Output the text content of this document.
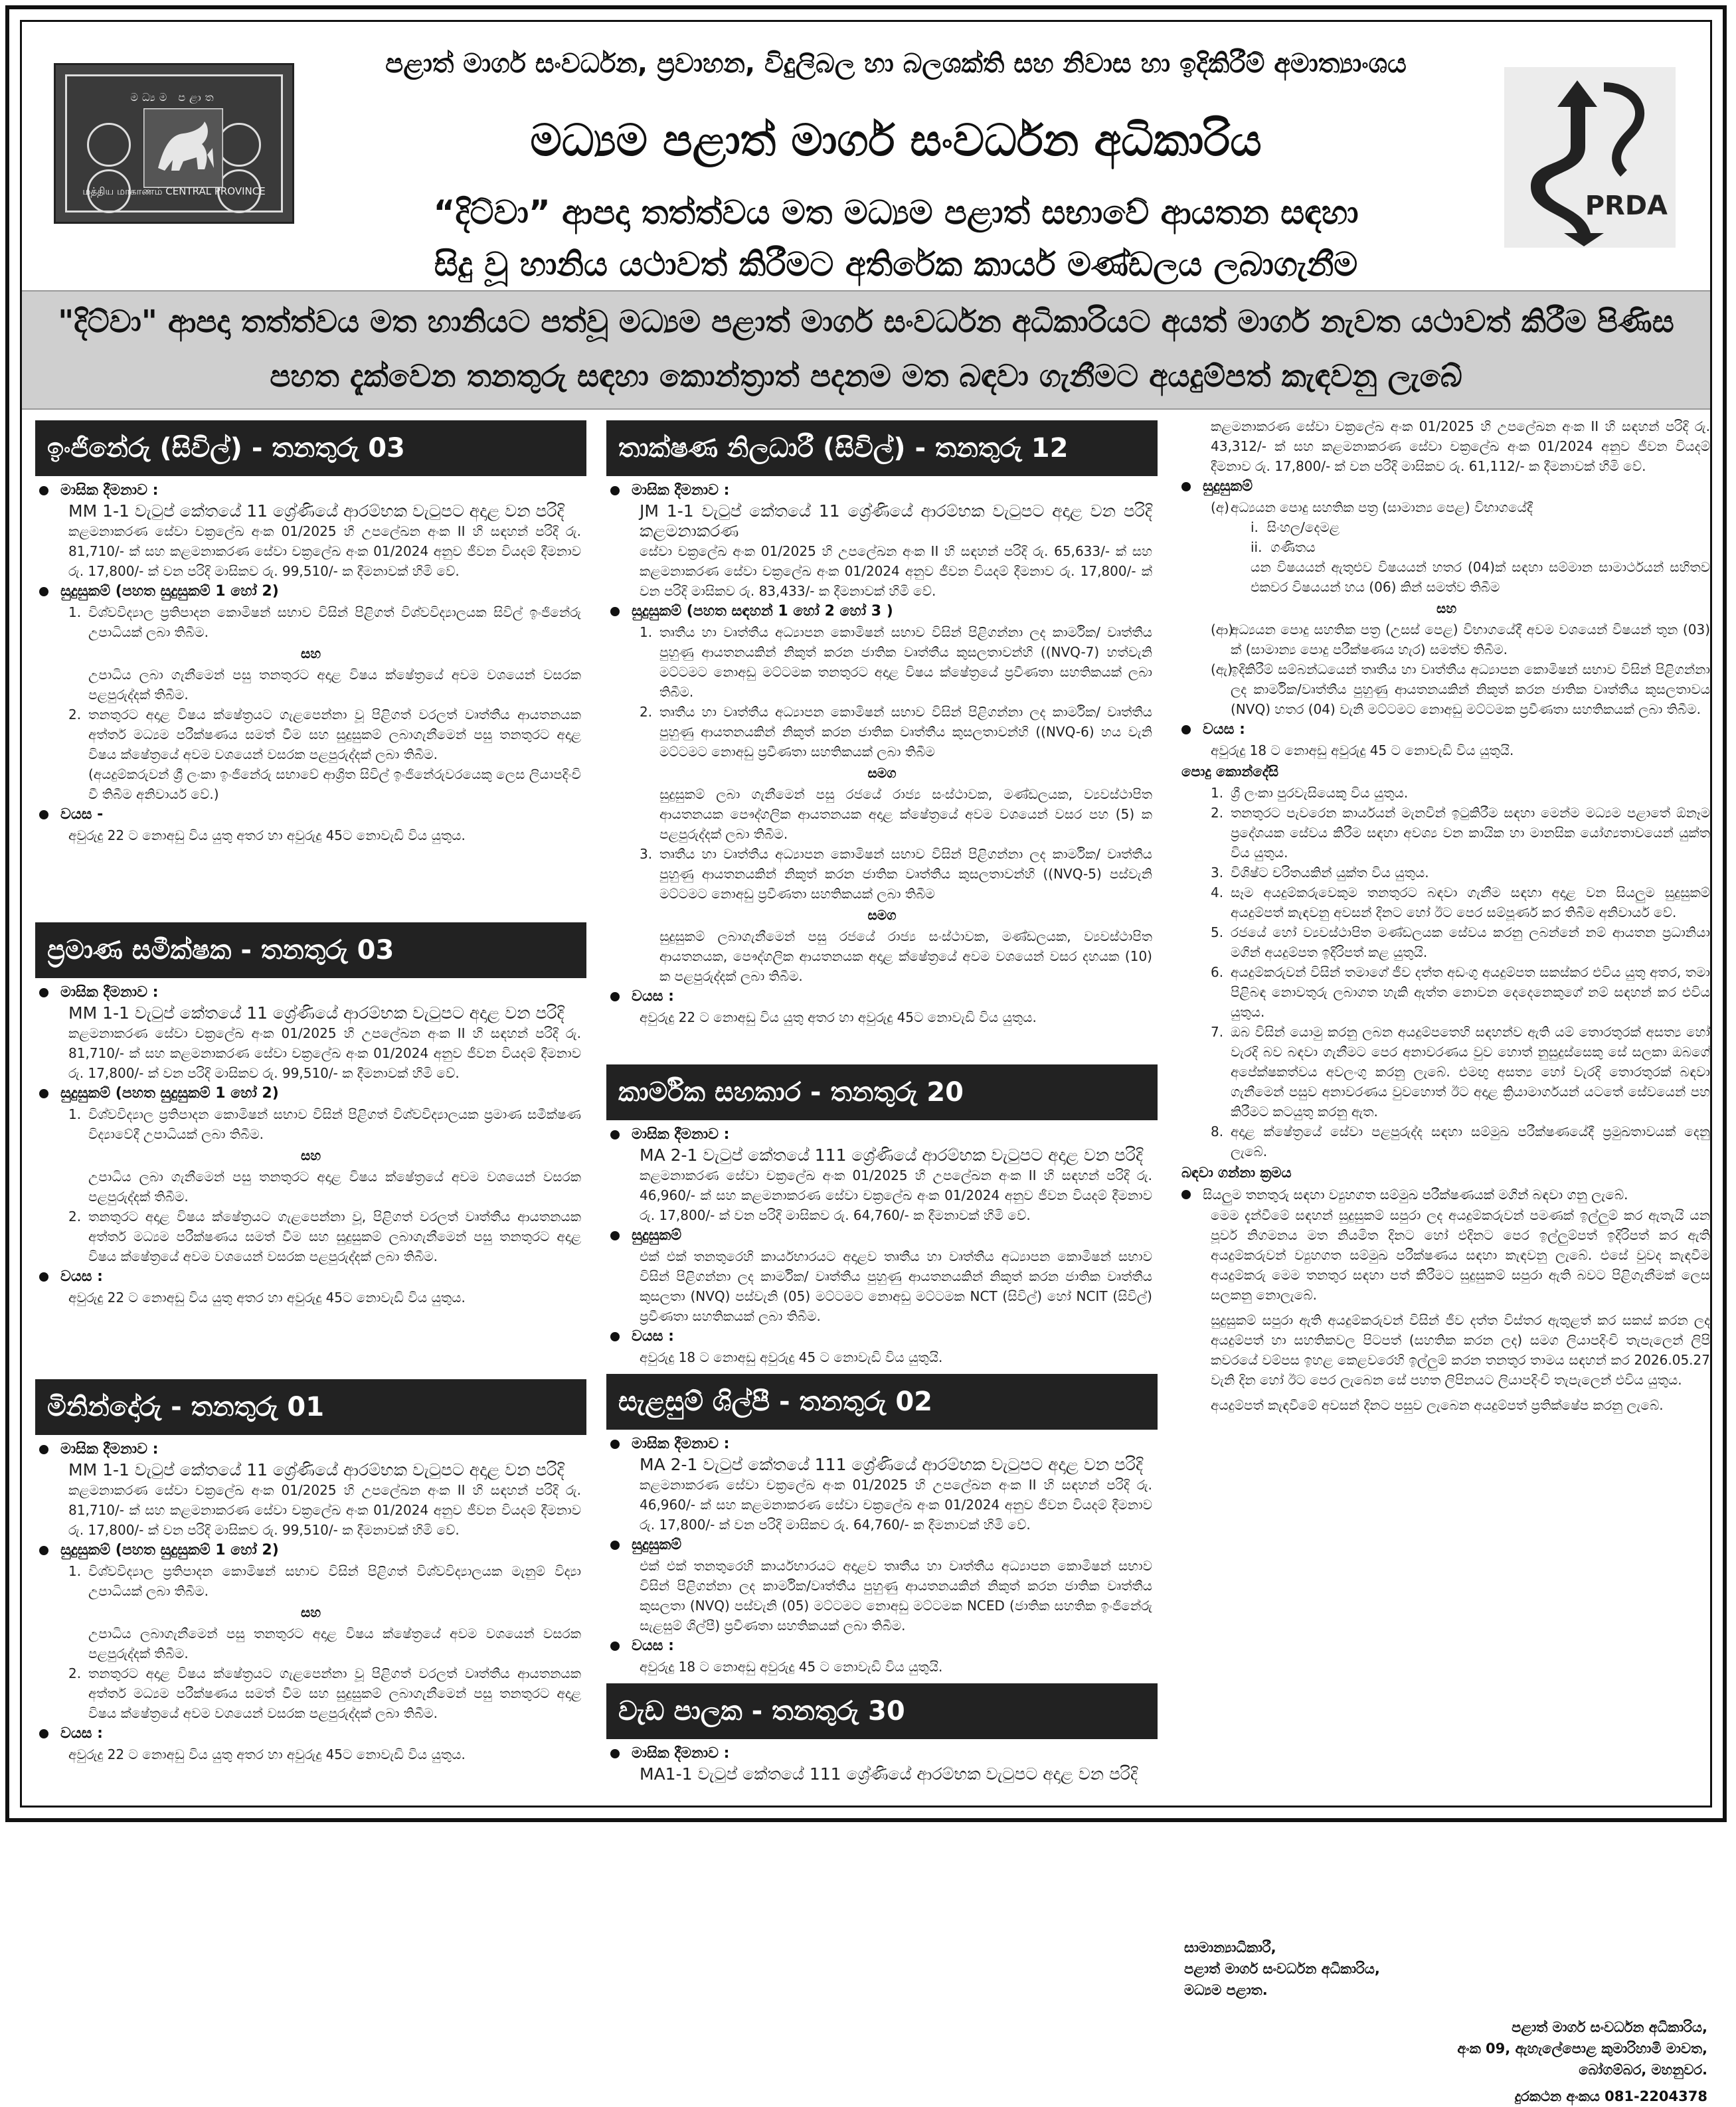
මධ්‍යම පළාත
மத்திய மாகாணம் CENTRAL PROVINCE
පළාත් මාර්ග සංවර්ධන, ප්‍රවාහන, විදුලිබල හා බලශක්ති සහ නිවාස හා ඉදිකිරීම් අමාත්‍යාංශය
මධ්‍යම පළාත් මාර්ග සංවර්ධන අධිකාරිය
“දිට්වා” ආපදා තත්ත්වය මත මධ්‍යම පළාත් සභාවේ ආයතන සඳහා
සිදු වූ හානිය යථාවත් කිරීමට අතිරේක කාර්ය මණ්ඩලය ලබාගැනීම
PRDA
"දිට්වා" ආපදා තත්ත්වය මත හානියට පත්වූ මධ්‍යම පළාත් මාර්ග සංවර්ධන අධිකාරියට අයත් මාර්ග නැවත යථාවත් කිරීම පිණිස
පහත දැක්වෙන තනතුරු සඳහා කොන්ත්‍රාත් පදනම මත බඳවා ගැනීමට අයදුම්පත් කැඳවනු ලැබේ
ඉංජිනේරු (සිවිල්) - තනතුරු 03
මාසික දීමනාව :
MM 1-1 වැටුප් කේතයේ 11 ශ්‍රේණියේ ආරම්භක වැටුපට අදාළ වන පරිදි
කළමනාකරණ සේවා චක්‍රලේඛ අංක 01/2025 හි උපලේඛන අංක II හි සඳහන් පරිදි රු. 81,710/- ක් සහ කළමනාකරණ සේවා චක්‍රලේඛ අංක 01/2024 අනුව ජීවන වියදම් දීමනාව රු. 17,800/- ක් වන පරිදි මාසිකව රු. 99,510/- ක දීමනාවක් හිමි වේ.
සුදුසුකම් (පහත සුදුසුකම් 1 හෝ 2)
1. විශ්වවිද්‍යාල ප්‍රතිපාදන කොමිෂන් සභාව විසින් පිළිගත් විශ්වවිද්‍යාලයක සිවිල් ඉංජිනේරු උපාධියක් ලබා තිබීම.
සහ
උපාධිය ලබා ගැනීමෙන් පසු තනතුරට අදාළ විෂය ක්ෂේත්‍රයේ අවම වශයෙන් වසරක පළපුරුද්දක් තිබීම.
2. තනතුරට අදාළ විෂය ක්ෂේත්‍රයට ගැළපෙන්නා වූ පිළිගත් වරලත් වෘත්තීය ආයතනයක අත්තර් මධ්‍යම පරීක්ෂණය සමත් වීම සහ සුදුසුකම් ලබාගැනීමෙන් පසු තනතුරට අදාළ විෂය ක්ෂේත්‍රයේ අවම වශයෙන් වසරක පළපුරුද්දක් ලබා තිබීම.
(අයදුම්කරුවන් ශ්‍රී ලංකා ඉංජිනේරු සභාවේ ආශ්‍රිත සිවිල් ඉංජිනේරුවරයෙකු ලෙස ලියාපදිංචි වී තිබීම අනිවාර්ය වේ.)
වයස -
අවුරුදු 22 ට නොඅඩු විය යුතු අතර හා අවුරුදු 45ට නොවැඩි විය යුතුය.
ප්‍රමාණ සමීක්ෂක - තනතුරු 03
මාසික දීමනාව :
MM 1-1 වැටුප් කේතයේ 11 ශ්‍රේණියේ ආරම්භක වැටුපට අදාළ වන පරිදි
කළමනාකරණ සේවා චක්‍රලේඛ අංක 01/2025 හි උපලේඛන අංක II හි සඳහන් පරිදි රු. 81,710/- ක් සහ කළමනාකරණ සේවා චක්‍රලේඛ අංක 01/2024 අනුව ජීවන වියදම් දීමනාව රු. 17,800/- ක් වන පරිදි මාසිකව රු. 99,510/- ක දීමනාවක් හිමි වේ.
සුදුසුකම් (පහත සුදුසුකම් 1 හෝ 2)
1. විශ්වවිද්‍යාල ප්‍රතිපාදන කොමිෂන් සභාව විසින් පිළිගත් විශ්වවිද්‍යාලයක ප්‍රමාණ සමීක්ෂණ විද්‍යාවේදී උපාධියක් ලබා තිබීම.
සහ
උපාධිය ලබා ගැනීමෙන් පසු තනතුරට අදාළ විෂය ක්ෂේත්‍රයේ අවම වශයෙන් වසරක පළපුරුද්දක් තිබීම.
2. තනතුරට අදාළ විෂය ක්ෂේත්‍රයට ගැළපෙන්නා වූ, පිළිගත් වරලත් වෘත්තීය ආයතනයක අත්තර් මධ්‍යම පරීක්ෂණය සමත් වීම සහ සුදුසුකම් ලබාගැනීමෙන් පසු තනතුරට අදාළ විෂය ක්ෂේත්‍රයේ අවම වශයෙන් වසරක පළපුරුද්දක් ලබා තිබීම.
වයස :
අවුරුදු 22 ට නොඅඩු විය යුතු අතර හා අවුරුදු 45ට නොවැඩි විය යුතුය.
මිනින්දෝරු - තනතුරු 01
මාසික දීමනාව :
MM 1-1 වැටුප් කේතයේ 11 ශ්‍රේණියේ ආරම්භක වැටුපට අදාළ වන පරිදි
කළමනාකරණ සේවා චක්‍රලේඛ අංක 01/2025 හි උපලේඛන අංක II හි සඳහන් පරිදි රු. 81,710/- ක් සහ කළමනාකරණ සේවා චක්‍රලේඛ අංක 01/2024 අනුව ජීවන වියදම් දීමනාව රු. 17,800/- ක් වන පරිදි මාසිකව රු. 99,510/- ක දීමනාවක් හිමි වේ.
සුදුසුකම් (පහත සුදුසුකම් 1 හෝ 2)
1. විශ්වවිද්‍යාල ප්‍රතිපාදන කොමිෂන් සභාව විසින් පිළිගත් විශ්වවිද්‍යාලයක මැනුම් විද්‍යා උපාධියක් ලබා තිබීම.
සහ
උපාධිය ලබාගැනීමෙන් පසු තනතුරට අදාළ විෂය ක්ෂේත්‍රයේ අවම වශයෙන් වසරක පළපුරුද්දක් තිබීම.
2. තනතුරට අදාළ විෂය ක්ෂේත්‍රයට ගැළපෙන්නා වූ පිළිගත් වරලත් වෘත්තීය ආයතනයක අත්තර් මධ්‍යම පරීක්ෂණය සමත් වීම සහ සුදුසුකම් ලබාගැනීමෙන් පසු තනතුරට අදාළ විෂය ක්ෂේත්‍රයේ අවම වශයෙන් වසරක පළපුරුද්දක් ලබා තිබීම.
වයස :
අවුරුදු 22 ට නොඅඩු විය යුතු අතර හා අවුරුදු 45ට නොවැඩි විය යුතුය.
තාක්ෂණ නිලධාරී (සිවිල්) - තනතුරු 12
මාසික දීමනාව :
JM 1-1 වැටුප් කේතයේ 11 ශ්‍රේණියේ ආරම්භක වැටුපට අදාළ වන පරිදි කළමනාකරණ
සේවා චක්‍රලේඛ අංක 01/2025 හි උපලේඛන අංක II හි සඳහන් පරිදි රු. 65,633/- ක් සහ කළමනාකරණ සේවා චක්‍රලේඛ අංක 01/2024 අනුව ජීවන වියදම් දීමනාව රු. 17,800/- ක් වන පරිදි මාසිකව රු. 83,433/- ක දීමනාවක් හිමි වේ.
සුදුසුකම් (පහත සඳහන් 1 හෝ 2 හෝ 3 )
1. තෘතීය හා වෘත්තීය අධ්‍යාපන කොමිෂන් සභාව විසින් පිළිගන්නා ලද කාර්මික/ වෘත්තීය පුහුණු ආයතනයකින් නිකුත් කරන ජාතික වෘත්තීය කුසලතාවන්හි ((NVQ-7) හත්වැනි මට්ටමට නොඅඩු මට්ටමක තනතුරට අදාළ විෂය ක්ෂේත්‍රයේ ප්‍රවීණතා සහතිකයක් ලබා තිබීම.
2. තෘතීය හා වෘත්තීය අධ්‍යාපන කොමිෂන් සභාව විසින් පිළිගන්නා ලද කාර්මික/ වෘත්තීය පුහුණු ආයතනයකින් නිකුත් කරන ජාතික වෘත්තීය කුසලතාවන්හි ((NVQ-6) හය වැනි මට්ටමට නොඅඩු ප්‍රවීණතා සහතිකයක් ලබා තිබීම
සමග
සුදුසුකම් ලබා ගැනීමෙන් පසු රජයේ රාජ්‍ය සංස්ථාවක, මණ්ඩලයක, ව්‍යවස්ථාපිත ආයතනයක පෞද්ගලික ආයතනයක අදාළ ක්ෂේත්‍රයේ අවම වශයෙන් වසර පහ (5) ක පළපුරුද්දක් ලබා තිබීම.
3. තෘතීය හා වෘත්තීය අධ්‍යාපන කොමිෂන් සභාව විසින් පිළිගන්නා ලද කාර්මික/ වෘත්තීය පුහුණු ආයතනයකින් නිකුත් කරන ජාතික වෘත්තීය කුසලතාවන්හි ((NVQ-5) පස්වැනි මට්ටමට නොඅඩු ප්‍රවීණතා සහතිකයක් ලබා තිබීම
සමග
සුදුසුකම් ලබාගැනීමෙන් පසු රජයේ රාජ්‍ය සංස්ථාවක, මණ්ඩලයක, ව්‍යවස්ථාපිත ආයතනයක, පෞද්ගලික ආයතනයක අදාළ ක්ෂේත්‍රයේ අවම වශයෙන් වසර දහයක (10) ක පළපුරුද්දක් ලබා තිබීම.
වයස :
අවුරුදු 22 ට නොඅඩු විය යුතු අතර හා අවුරුදු 45ට නොවැඩි විය යුතුය.
කාර්මික සහකාර - තනතුරු 20
මාසික දීමනාව :
MA 2-1 වැටුප් කේතයේ 111 ශ්‍රේණියේ ආරම්භක වැටුපට අදාළ වන පරිදි
කළමනාකරණ සේවා චක්‍රලේඛ අංක 01/2025 හි උපලේඛන අංක II හි සඳහන් පරිදි රු. 46,960/- ක් සහ කළමනාකරණ සේවා චක්‍රලේඛ අංක 01/2024 අනුව ජීවන වියදම් දීමනාව රු. 17,800/- ක් වන පරිදි මාසිකව රු. 64,760/- ක දීමනාවක් හිමි වේ.
සුදුසුකම්
එක් එක් තනතුරෙහි කාර්යභාරයට අදාළව තෘතීය හා වෘත්තීය අධ්‍යාපන කොමිෂන් සභාව විසින් පිළිගන්නා ලද කාර්මික/ වෘත්තීය පුහුණු ආයතනයකින් නිකුත් කරන ජාතික වෘත්තීය කුසලතා (NVQ) පස්වැනි (05) මට්ටමට නොඅඩු මට්ටමක NCT (සිවිල්) හෝ NCIT (සිවිල්) ප්‍රවීණතා සහතිකයක් ලබා තිබීම.
වයස :
අවුරුදු 18 ට නොඅඩු අවුරුදු 45 ට නොවැඩි විය යුතුයි.
සැළසුම් ශිල්පී - තනතුරු 02
මාසික දීමනාව :
MA 2-1 වැටුප් කේතයේ 111 ශ්‍රේණියේ ආරම්භක වැටුපට අදාළ වන පරිදි
කළමනාකරණ සේවා චක්‍රලේඛ අංක 01/2025 හි උපලේඛන අංක II හි සඳහන් පරිදි රු. 46,960/- ක් සහ කළමනාකරණ සේවා චක්‍රලේඛ අංක 01/2024 අනුව ජීවන වියදම් දීමනාව රු. 17,800/- ක් වන පරිදි මාසිකව රු. 64,760/- ක දීමනාවක් හිමි වේ.
සුදුසුකම්
එක් එක් තනතුරෙහි කාර්යභාරයට අදාළව තෘතීය හා වෘත්තීය අධ්‍යාපන කොමිෂන් සභාව විසින් පිළිගන්නා ලද කාර්මික/වෘත්තීය පුහුණු ආයතනයකින් නිකුත් කරන ජාතික වෘත්තීය කුසලතා (NVQ) පස්වැනි (05) මට්ටමට නොඅඩු මට්ටමක NCED (ජාතික සහතික ඉංජිනේරු සැළසුම් ශිල්පී) ප්‍රවීණතා සහතිකයක් ලබා තිබීම.
වයස :
අවුරුදු 18 ට නොඅඩු අවුරුදු 45 ට නොවැඩි විය යුතුයි.
වැඩ පාලක - තනතුරු 30
මාසික දීමනාව :
MA1-1 වැටුප් කේතයේ 111 ශ්‍රේණියේ ආරම්භක වැටුපට අදාළ වන පරිදි
කළමනාකරණ සේවා චක්‍රලේඛ අංක 01/2025 හි උපලේඛන අංක II හි සඳහන් පරිදි රු. 43,312/- ක් සහ කළමනාකරණ සේවා චක්‍රලේඛ අංක 01/2024 අනුව ජීවන වියදම් දීමනාව රු. 17,800/- ක් වන පරිදි මාසිකව රු. 61,112/- ක දීමනාවක් හිමි වේ.
සුදුසුකම්
(අ) අධ්‍යයන පොදු සහතික පත්‍ර (සාමාන්‍ය පෙළ) විභාගයේදී
i. සිංහල/දෙමළ
ii. ගණිතය
යන විෂයයන් ඇතුළුව විෂයයන් හතර (04)ක් සඳහා සම්මාන සාමාර්ථයන් සහිතව එකවර විෂයයන් හය (06) කින් සමත්ව තිබීම
සහ
(ආ)
අධ්‍යයන පොදු සහතික පත්‍ර (උසස් පෙළ) විභාගයේදී අවම වශයෙන් විෂයන් තුන (03) ක් (සාමාන්‍ය පොදු පරීක්ෂණය හැර) සමත්ව තිබීම.
(ඇ)
ඉදිකිරීම් සම්බන්ධයෙන් තෘතීය හා වෘත්තීය අධ්‍යාපන කොමිෂන් සභාව විසින් පිළිගන්නා ලද කාර්මික/වෘත්තීය පුහුණු ආයතනයකින් නිකුත් කරන ජාතික වෘත්තීය කුසලතාවය (NVQ) හතර (04) වැනි මට්ටමට නොඅඩු මට්ටමක ප්‍රවීණතා සහතිකයක් ලබා තිබීම.
වයස :
අවුරුදු 18 ට නොඅඩු අවුරුදු 45 ට නොවැඩි විය යුතුයි.
පොදු කොන්දේසි
1. ශ්‍රී ලංකා පුරවැසියෙකු විය යුතුය.
2. තනතුරට පැවරෙන කාර්යයන් මැනවින් ඉටුකිරීම සඳහා මෙන්ම මධ්‍යම පළාතේ ඕනෑම ප්‍රදේශයක සේවය කිරීම සඳහා අවශ්‍ය වන කායික හා මානසික යෝග්‍යතාවයෙන් යුක්ත විය යුතුය.
3. විශිෂ්ට චරිතයකින් යුක්ත විය යුතුය.
4. සෑම අයදුම්කරුවෙකුම තනතුරට බඳවා ගැනීම සඳහා අදාළ වන සියලුම සුදුසුකම් අයදුම්පත් කැඳවනු අවසන් දිනට හෝ ඊට පෙර සම්පූර්ණ කර තිබීම අනිවාර්ය වේ.
5. රජයේ හෝ ව්‍යවස්ථාපිත මණ්ඩලයක සේවය කරනු ලබන්නේ නම් ආයතන ප්‍රධානියා මගින් අයදුම්පත ඉදිරිපත් කළ යුතුයි.
6. අයදුම්කරුවන් විසින් තමාගේ ජීව දත්ත අඩංගු අයදුම්පත සකස්කර එවිය යුතු අතර, තමා පිළිබඳ නොවතුරු ලබාගත හැකි ඇත්ත නොවන දෙදෙනෙකුගේ නම් සඳහන් කර එවිය යුතුය.
7. ඔබ විසින් යොමු කරනු ලබන අයදුම්පතෙහි සඳහන්ව ඇති යම් තොරතුරක් අසත්‍ය හෝ වැරදි බව බඳවා ගැනීමට පෙර අනාවරණය වුව හොත් නුසුදුස්සෙකු සේ සලකා ඔබගේ අපේක්ෂකත්වය අවලංගු කරනු ලැබේ. එමඟු අසත්‍ය හෝ වැරදි තොරතුරක් බඳවා ගැනීමෙන් පසුව අනාවරණය වුවහොත් ඊට අදාළ ක්‍රියාමාර්ගයන් යටතේ සේවයෙන් පහ කිරීමට කටයුතු කරනු ඇත.
8. අදාළ ක්ෂේත්‍රයේ සේවා පළපුරුද්ද සඳහා සම්මුඛ පරීක්ෂණයේදී ප්‍රමුඛතාවයක් දෙනු ලැබේ.
බඳවා ගන්නා ක්‍රමය
සියලුම තනතුරු සඳහා ව්‍යුහගත සම්මුඛ පරීක්ෂණයක් මගින් බඳවා ගනු ලැබේ.
මෙම දැන්වීමේ සඳහන් සුදුසුකම් සපුරා ලද අයදුම්කරුවන් පමණක් ඉල්ලුම් කර ඇතැයි යන පූර්ව නිගමනය මත නියමිත දිනට හෝ එදිනට පෙර ඉල්ලුම්පත් ඉදිරිපත් කර ඇති අයදුම්කරුවන් ව්‍යුහගත සම්මුඛ පරීක්ෂණය සඳහා කැඳවනු ලැබේ. එසේ වුවද කැඳවීම අයදුම්කරු මෙම තනතුර සඳහා පත් කිරීමට සුදුසුකම් සපුරා ඇති බවට පිළිගැනීමක් ලෙස සලකනු නොලැබේ.
සුදුසුකම් සපුරා ඇති අයදුම්කරුවන් විසින් ජීව දත්ත විස්තර ඇතුළත් කර සකස් කරන ලද අයදුම්පත් හා සහතිකවල පිටපත් (සහතික කරන ලද) සමග ලියාපදිංචි තැපැලෙන් ලිපි කවරයේ වම්පස ඉහළ කෙළවරෙහි ඉල්ලුම් කරන තනතුර තාමය සඳහන් කර 2026.05.27 වැනි දින හෝ ඊට පෙර ලැබෙන සේ පහත ලිපිනයට ලියාපදිංචි තැපැලෙන් එවිය යුතුය.
අයදුම්පත් කැඳවීමේ අවසන් දිනට පසුව ලැබෙන අයදුම්පත් ප්‍රතික්ෂේප කරනු ලැබේ.
සාමාන්‍යාධිකාරී,
පළාත් මාර්ග සංවර්ධන අධිකාරිය,
මධ්‍යම පළාත.
පළාත් මාර්ග සංවර්ධන අධිකාරිය,
අංක 09, ඇහැලේපොළ කුමාරිහාමි මාවත,
බෝගම්බර, මහනුවර.
දුරකථන අංකය 081-2204378
